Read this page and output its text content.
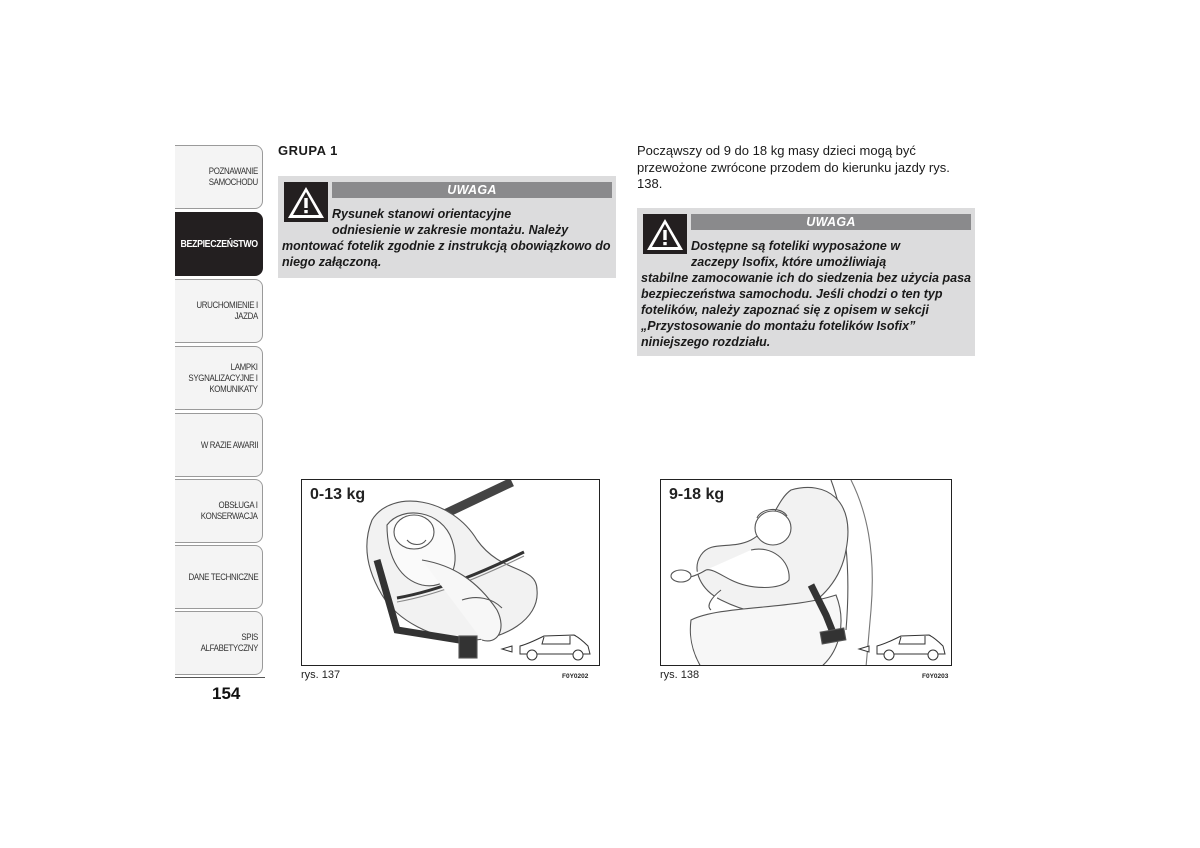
POZNAWANIE
SAMOCHODU
BEZPIECZEŃSTWO
URUCHOMIENIE I
JAZDA
LAMPKI
SYGNALIZACYJNE I
KOMUNIKATY
W RAZIE AWARII
OBSŁUGA I
KONSERWACJA
DANE TECHNICZNE
SPIS ALFABETYCZNY
154
GRUPA 1
UWAGA
Rysunek stanowi orientacyjne
odniesienie w zakresie montażu. Należy
montować fotelik zgodnie z instrukcją obowiązkowo do niego załączoną.
Począwszy od 9 do 18 kg masy dzieci mogą być przewożone zwrócone przodem do kierunku jazdy rys. 138.
UWAGA
Dostępne są foteliki wyposażone w
zaczepy Isofix, które umożliwiają
stabilne zamocowanie ich do siedzenia bez użycia pasa bezpieczeństwa samochodu. Jeśli chodzi o ten typ fotelików, należy zapoznać się z opisem w sekcji „Przystosowanie do montażu fotelików Isofix” niniejszego rozdziału.
0-13 kg
rys. 137	F0Y0202
9-18 kg
rys. 138	F0Y0203
